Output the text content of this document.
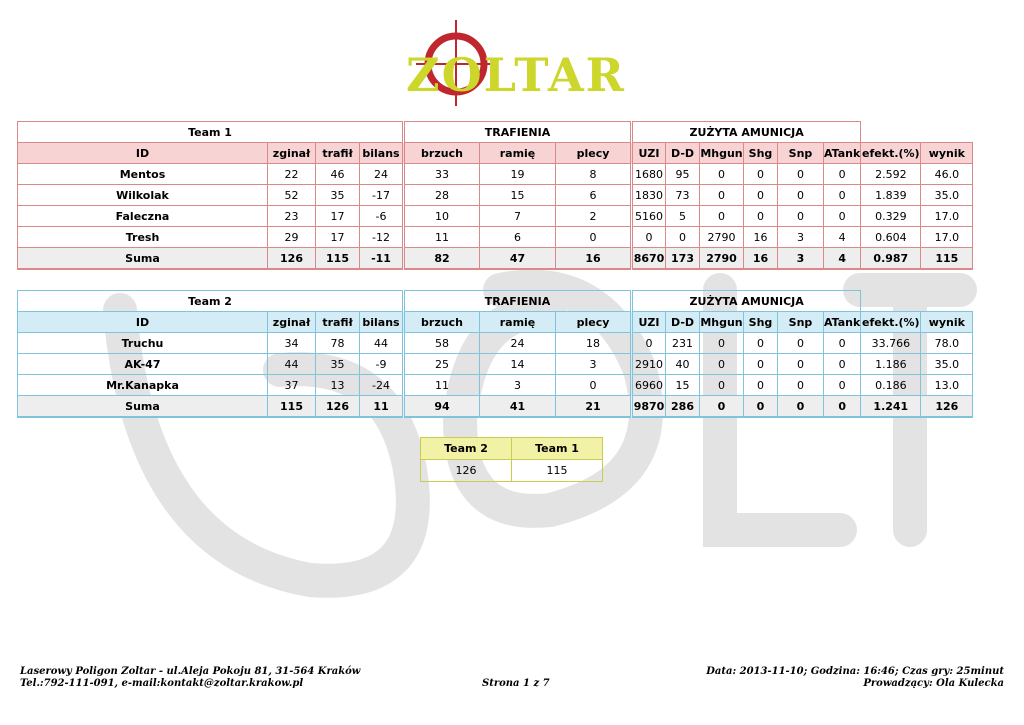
ZOLTAR
Team 1				TRAFIENIA			ZUŻYTA AMUNICJA							
ID	zginał	trafił	bilans	brzuch	ramię	plecy	UZI	D-D	Mhgun	Shg	Snp	ATank	efekt.(%)	wynik
Mentos	22	46	24	33	19	8	1680	95	0	0	0	0	2.592	46.0
Wilkolak	52	35	-17	28	15	6	1830	73	0	0	0	0	1.839	35.0
Faleczna	23	17	-6	10	7	2	5160	5	0	0	0	0	0.329	17.0
Tresh	29	17	-12	11	6	0	0	0	2790	16	3	4	0.604	17.0
Suma	126	115	-11	82	47	16	8670	173	2790	16	3	4	0.987	115
Team 2				TRAFIENIA			ZUŻYTA AMUNICJA							
ID	zginał	trafił	bilans	brzuch	ramię	plecy	UZI	D-D	Mhgun	Shg	Snp	ATank	efekt.(%)	wynik
Truchu	34	78	44	58	24	18	0	231	0	0	0	0	33.766	78.0
AK-47	44	35	-9	25	14	3	2910	40	0	0	0	0	1.186	35.0
Mr.Kanapka	37	13	-24	11	3	0	6960	15	0	0	0	0	0.186	13.0
Suma	115	126	11	94	41	21	9870	286	0	0	0	0	1.241	126
Team 2	Team 1
126	115
Laserowy Poligon Zoltar - ul.Aleja Pokoju 81, 31-564 Kraków
Tel.:792-111-091, e-mail:kontakt@zoltar.krakow.pl	Strona 1 z 7
Data: 2013-11-10; Godzina: 16:46; Czas gry: 25minut
Prowadzący: Ola Kulecka
